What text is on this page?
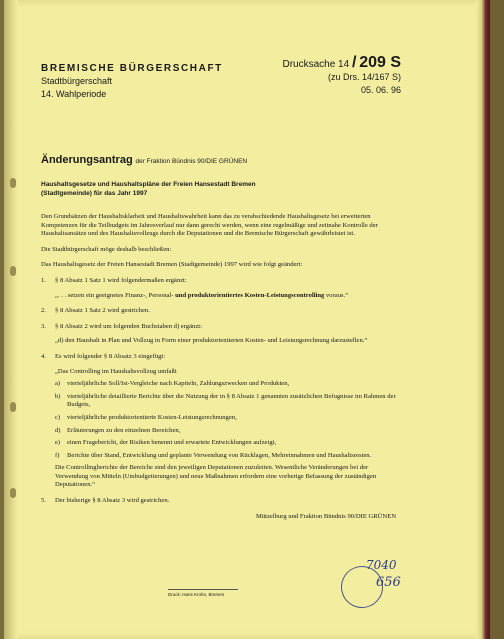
BREMISCHE BÜRGERSCHAFT
Stadtbürgerschaft
14. Wahlperiode
Drucksache 14 / 209 S
(zu Drs. 14/167 S)
05. 06. 96
Änderungsantrag der Fraktion Bündnis 90/DIE GRÜNEN
Haushaltsgesetze und Haushaltspläne der Freien Hansestadt Bremen (Stadtgemeinde) für das Jahr 1997

Den Grundsätzen der Haushaltsklarheit und Haushaltswahrheit kann das zu verabschiedende Haushaltsgesetz bei erweiterten Kompetenzen für die Teilbudgets im Jahresverlauf nur dann gerecht werden, wenn eine regelmäßige und zeitnahe Kontrolle der Haushaltsansätze und des Haushaltsvollzugs durch die Deputationen und die Bremische Bürgerschaft gewährleistet ist.

Die Stadtbürgerschaft möge deshalb beschließen:

Das Haushaltsgesetz der Freien Hansestadt Bremen (Stadtgemeinde) 1997 wird wie folgt geändert:

1.	§ 8 Absatz 1 Satz 1 wird folgendermaßen ergänzt:
„. . . setzen ein geeignetes Finanz-, Personal- und produktorientiertes Kosten-Leistungscontrolling voraus.“
2.	§ 8 Absatz 1 Satz 2 wird gestrichen.
3.	§ 8 Absatz 2 wird um folgenden Buchstaben d) ergänzt:
„d) den Haushalt in Plan und Vollzug in Form einer produktorientierten Kosten- und Leistungsrechnung darzustellen.“
4.	Es wird folgender § 8 Absatz 3 eingefügt:
„Das Controlling im Haushaltsvollzug umfaßt
a)	vierteljährliche Soll/Ist-Vergleiche nach Kapiteln, Zahlungszwecken und Produkten,
b) vierteljährliche detaillierte Berichte über die Nutzung der in § 8 Absatz 1 genannten zusätzlichen Befugnisse im Rahmen der Budgets,
c)	vierteljährliche produktorientierte Kosten-Leistungsrechnungen,
d) Erläuterungen zu den einzelnen Bereichen,
e)	einen Fragebericht, der Risiken benennt und erwartete Entwicklungen aufzeigt,
f)	Berichte über Stand, Entwicklung und geplante Verwendung von Rücklagen, Mehreinnahmen und Haushaltsresten.
Die Controllingberichte der Bereiche sind den jeweiligen Deputationen zuzuleiten. Wesentliche Veränderungen bei der Verwendung von Mitteln (Umbudgetierungen) und neue Maßnahmen erfordern eine vorherige Befassung der zuständigen Deputationen.“
5.	Der bisherige § 8 Absatz 3 wird gestrichen.
Mützelburg und Fraktion Bündnis 90/DIE GRÜNEN
Druck: Hans Krohn, Bremen
7040
656
